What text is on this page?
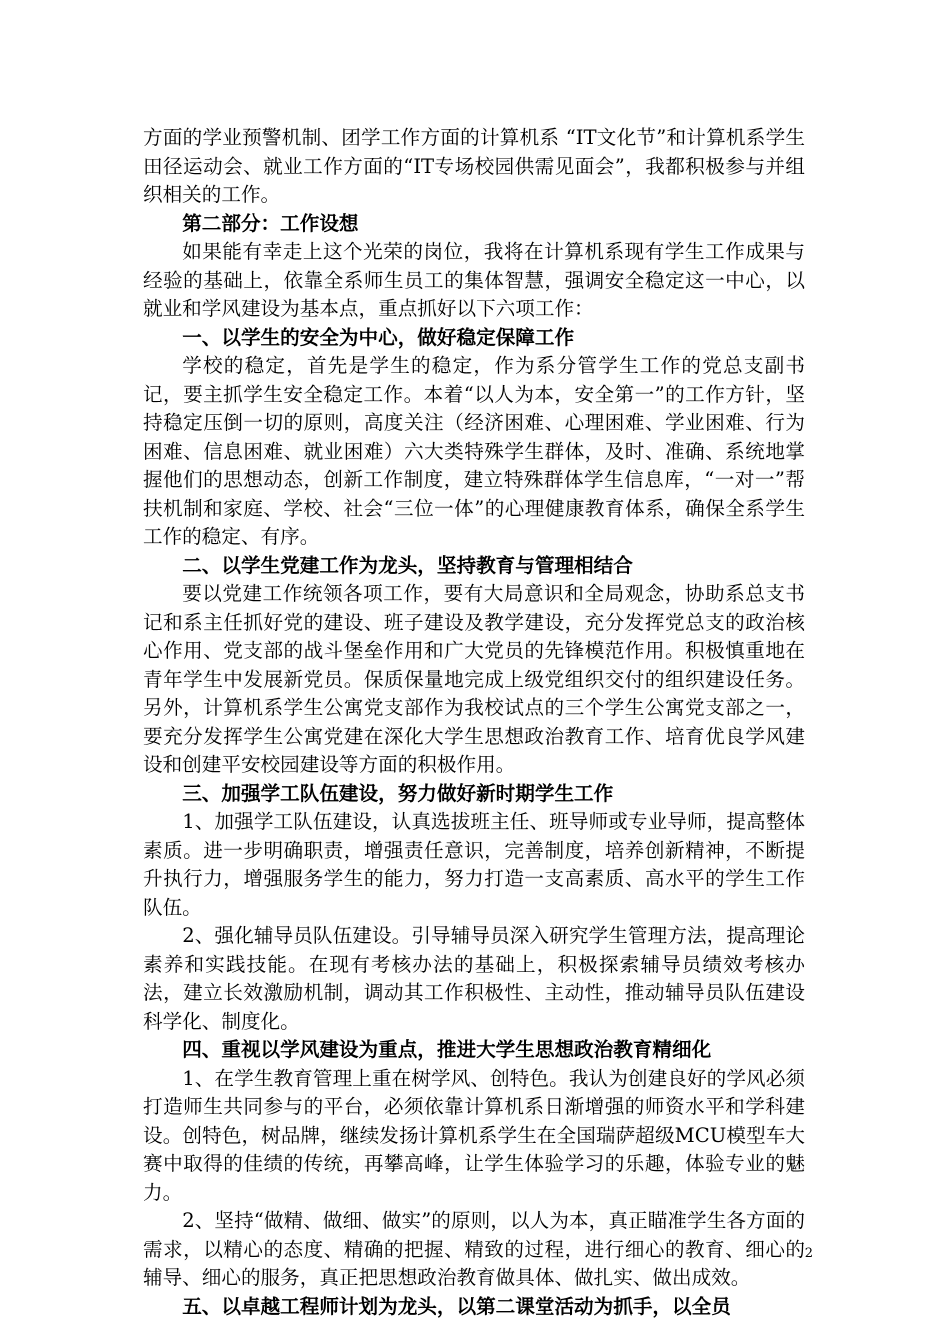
方面的学业预警机制、团学工作方面的计算机系 “IT文化节”和计算机系学生田径运动会、就业工作方面的“IT专场校园供需见面会”，我都积极参与并组织相关的工作。

第二部分：工作设想

如果能有幸走上这个光荣的岗位，我将在计算机系现有学生工作成果与经验的基础上，依靠全系师生员工的集体智慧，强调安全稳定这一中心，以就业和学风建设为基本点，重点抓好以下六项工作：

一、以学生的安全为中心，做好稳定保障工作

学校的稳定，首先是学生的稳定，作为系分管学生工作的党总支副书记，要主抓学生安全稳定工作。本着“以人为本，安全第一”的工作方针，坚持稳定压倒一切的原则，高度关注（经济困难、心理困难、学业困难、行为困难、信息困难、就业困难）六大类特殊学生群体，及时、准确、系统地掌握他们的思想动态，创新工作制度，建立特殊群体学生信息库，“一对一”帮扶机制和家庭、学校、社会“三位一体”的心理健康教育体系，确保全系学生工作的稳定、有序。

二、以学生党建工作为龙头，坚持教育与管理相结合

要以党建工作统领各项工作，要有大局意识和全局观念，协助系总支书记和系主任抓好党的建设、班子建设及教学建设，充分发挥党总支的政治核心作用、党支部的战斗堡垒作用和广大党员的先锋模范作用。积极慎重地在青年学生中发展新党员。保质保量地完成上级党组织交付的组织建设任务。另外，计算机系学生公寓党支部作为我校试点的三个学生公寓党支部之一，要充分发挥学生公寓党建在深化大学生思想政治教育工作、培育优良学风建设和创建平安校园建设等方面的积极作用。

三、加强学工队伍建设，努力做好新时期学生工作

1、加强学工队伍建设，认真选拔班主任、班导师或专业导师，提高整体素质。进一步明确职责，增强责任意识，完善制度，培养创新精神，不断提升执行力，增强服务学生的能力，努力打造一支高素质、高水平的学生工作队伍。

2、强化辅导员队伍建设。引导辅导员深入研究学生管理方法，提高理论素养和实践技能。在现有考核办法的基础上，积极探索辅导员绩效考核办法，建立长效激励机制，调动其工作积极性、主动性，推动辅导员队伍建设科学化、制度化。

四、重视以学风建设为重点，推进大学生思想政治教育精细化

1、在学生教育管理上重在树学风、创特色。我认为创建良好的学风必须打造师生共同参与的平台，必须依靠计算机系日渐增强的师资水平和学科建设。创特色，树品牌，继续发扬计算机系学生在全国瑞萨超级MCU模型车大赛中取得的佳绩的传统，再攀高峰，让学生体验学习的乐趣，体验专业的魅力。

2、坚持“做精、做细、做实”的原则，以人为本，真正瞄准学生各方面的需求，以精心的态度、精确的把握、精致的过程，进行细心的教育、细心的辅导、细心的服务，真正把思想政治教育做具体、做扎实、做出成效。

五、以卓越工程师计划为龙头，以第二课堂活动为抓手，以全员

2
